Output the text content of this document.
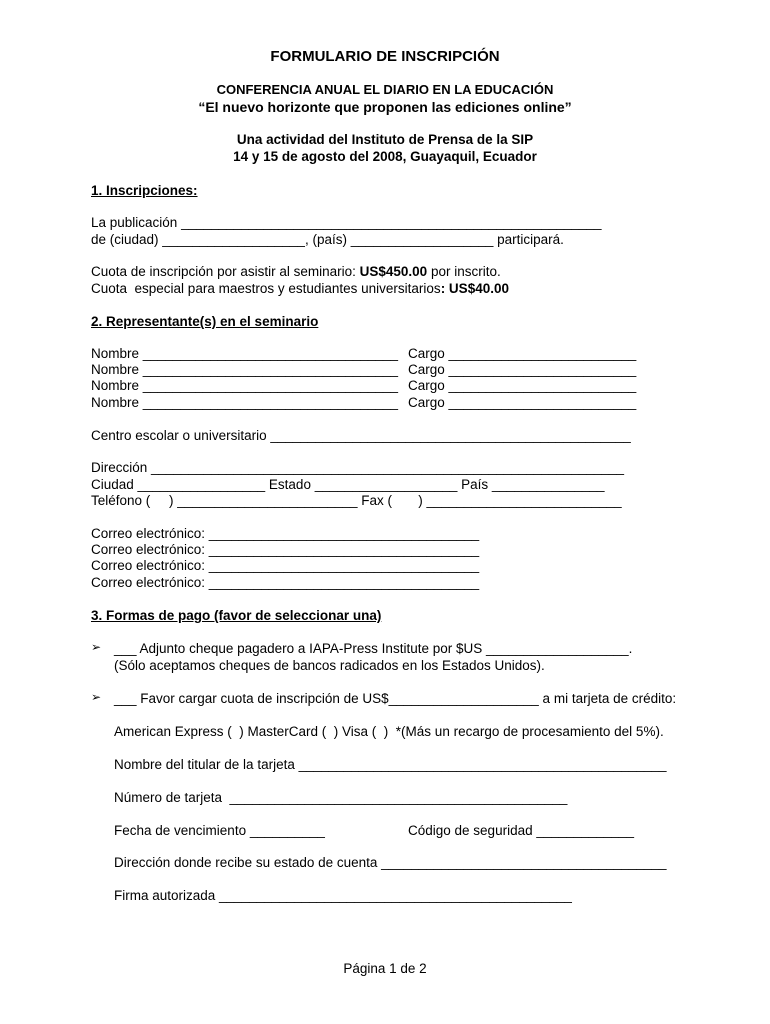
FORMULARIO DE INSCRIPCIÓN
CONFERENCIA ANUAL EL DIARIO EN LA EDUCACIÓN
“El nuevo horizonte que proponen las ediciones online”
Una actividad del Instituto de Prensa de la SIP
14 y 15 de agosto del 2008, Guayaquil, Ecuador
1. Inscripciones:
La publicación ________________________________________________________
de (ciudad) ___________________, (país) ___________________ participará.
Cuota de inscripción por asistir al seminario: US$450.00 por inscrito.
Cuota  especial para maestros y estudiantes universitarios: US$40.00
2. Representante(s) en el seminario
Nombre __________________________________ Cargo _________________________
Nombre __________________________________ Cargo _________________________
Nombre __________________________________ Cargo _________________________
Nombre __________________________________ Cargo _________________________
Centro escolar o universitario ________________________________________________
Dirección _______________________________________________________________
Ciudad _________________ Estado ___________________ País _______________
Teléfono (     ) ________________________ Fax (       ) __________________________
Correo electrónico: ____________________________________
Correo electrónico: ____________________________________
Correo electrónico: ____________________________________
Correo electrónico: ____________________________________
3. Formas de pago (favor de seleccionar una)
➢ ___ Adjunto cheque pagadero a IAPA-Press Institute por $US ___________________.
(Sólo aceptamos cheques de bancos radicados en los Estados Unidos).
➢ ___ Favor cargar cuota de inscripción de US$____________________ a mi tarjeta de crédito:
American Express (  ) MasterCard (  ) Visa (  )  *(Más un recargo de procesamiento del 5%).
Nombre del titular de la tarjeta _________________________________________________
Número de tarjeta  _____________________________________________
Fecha de vencimiento __________	Código de seguridad _____________
Dirección donde recibe su estado de cuenta ______________________________________
Firma autorizada _______________________________________________
Página 1 de 2
